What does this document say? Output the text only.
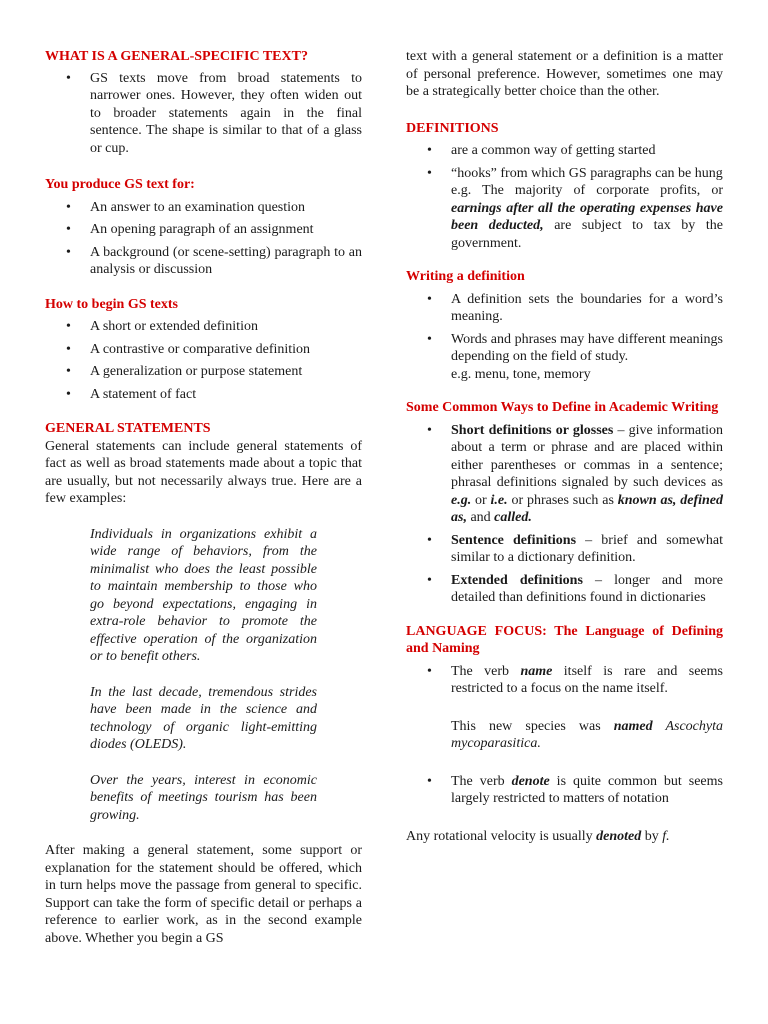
WHAT IS A GENERAL-SPECIFIC TEXT?

• GS texts move from broad statements to narrower ones. However, they often widen out to broader statements again in the final sentence. The shape is similar to that of a glass or cup.

You produce GS text for:

• An answer to an examination question
• An opening paragraph of an assignment
• A background (or scene-setting) paragraph to an analysis or discussion

How to begin GS texts

• A short or extended definition
• A contrastive or comparative definition
• A generalization or purpose statement
• A statement of fact

GENERAL STATEMENTS

General statements can include general statements of fact as well as broad statements made about a topic that are usually, but not necessarily always true. Here are a few examples:

Individuals in organizations exhibit a wide range of behaviors, from the minimalist who does the least possible to maintain membership to those who go beyond expectations, engaging in extra-role behavior to promote the effective operation of the organization or to benefit others.

In the last decade, tremendous strides have been made in the science and technology of organic light-emitting diodes (OLEDS).

Over the years, interest in economic benefits of meetings tourism has been growing.

After making a general statement, some support or explanation for the statement should be offered, which in turn helps move the passage from general to specific. Support can take the form of specific detail or perhaps a reference to earlier work, as in the second example above. Whether you begin a GS

text with a general statement or a definition is a matter of personal preference. However, sometimes one may be a strategically better choice than the other.

DEFINITIONS

• are a common way of getting started
• “hooks” from which GS paragraphs can be hung
e.g. The majority of corporate profits, or earnings after all the operating expenses have been deducted, are subject to tax by the government.

Writing a definition

• A definition sets the boundaries for a word’s meaning.
• Words and phrases may have different meanings depending on the field of study.
e.g. menu, tone, memory

Some Common Ways to Define in Academic Writing

• Short definitions or glosses – give information about a term or phrase and are placed within either parentheses or commas in a sentence; phrasal definitions signaled by such devices as e.g. or i.e. or phrases such as known as, defined as, and called.
• Sentence definitions – brief and somewhat similar to a dictionary definition.
• Extended definitions – longer and more detailed than definitions found in dictionaries

LANGUAGE FOCUS: The Language of Defining and Naming

• The verb name itself is rare and seems restricted to a focus on the name itself.

This new species was named Ascochyta mycoparasitica.

• The verb denote is quite common but seems largely restricted to matters of notation

Any rotational velocity is usually denoted by f.
